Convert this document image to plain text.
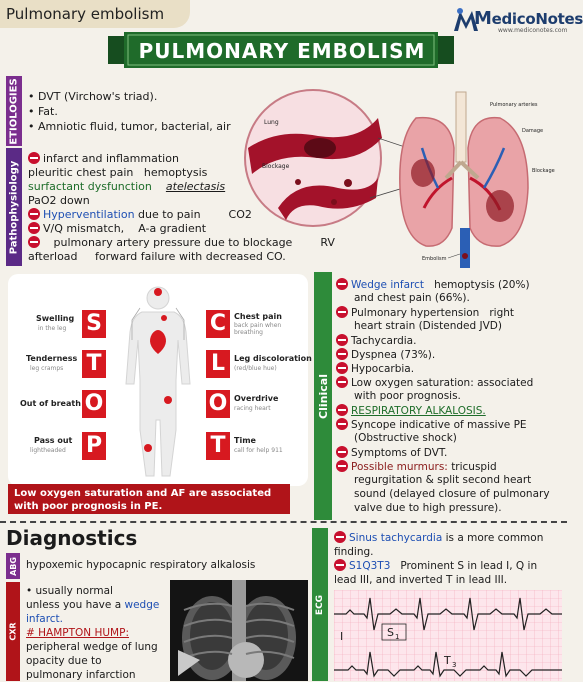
Pulmonary embolism	MedicoNotes
www.mediconotes.com
PULMONARY EMBOLISM
ETIOLOGIES • DVT (Virchow's triad).
• Fat.
• Amniotic fluid, tumor, bacterial, air
Pathophysiology
infarct and inflammation
pleuritic chest pain hemoptysis
surfactant dysfunction atelectasis
PaO2 down
Hyperventilation due to pain	CO2
V/Q mismatch, A-a gradient
pulmonary artery pressure due to blockage	RV
afterload forward failure with decreased CO.
Lung
Blockage
Pulmonary arteries
Damage
Blockage
Embolism
S
Swelling
in the leg
T
Tenderness
leg cramps
O
Out of breath
P
Pass out
lightheaded
C Chest pain
back pain when breathing
L	Leg discoloration
(red/blue hue)
O Overdrive
racing heart
T	Time
call for help 911
Low oxygen saturation and AF are associated with poor prognosis in PE.
Clinical
Wedge infarct hemoptysis (20%)
and chest pain (66%).
Pulmonary hypertension right
heart strain (Distended JVD)
Tachycardia.
Dyspnea (73%).
Hypocarbia.
Low oxygen saturation: associated
with poor prognosis.
RESPIRATORY ALKALOSIS.
Syncope indicative of massive PE
(Obstructive shock)
Symptoms of DVT.
Possible murmurs: tricuspid
regurgitation & split second heart
sound (delayed closure of pulmonary
valve due to high pressure).
Diagnostics
ABG hypoxemic hypocapnic respiratory alkalosis
CXR
• usually normal
unless you have a wedge
infarct.
# HAMPTON HUMP:
peripheral wedge of lung
opacity due to
pulmonary infarction
ECG
Sinus tachycardia is a more common
finding.
S1Q3T3 Prominent S in lead I, Q in
lead III, and inverted T in lead III.
I	S 1
T 3
